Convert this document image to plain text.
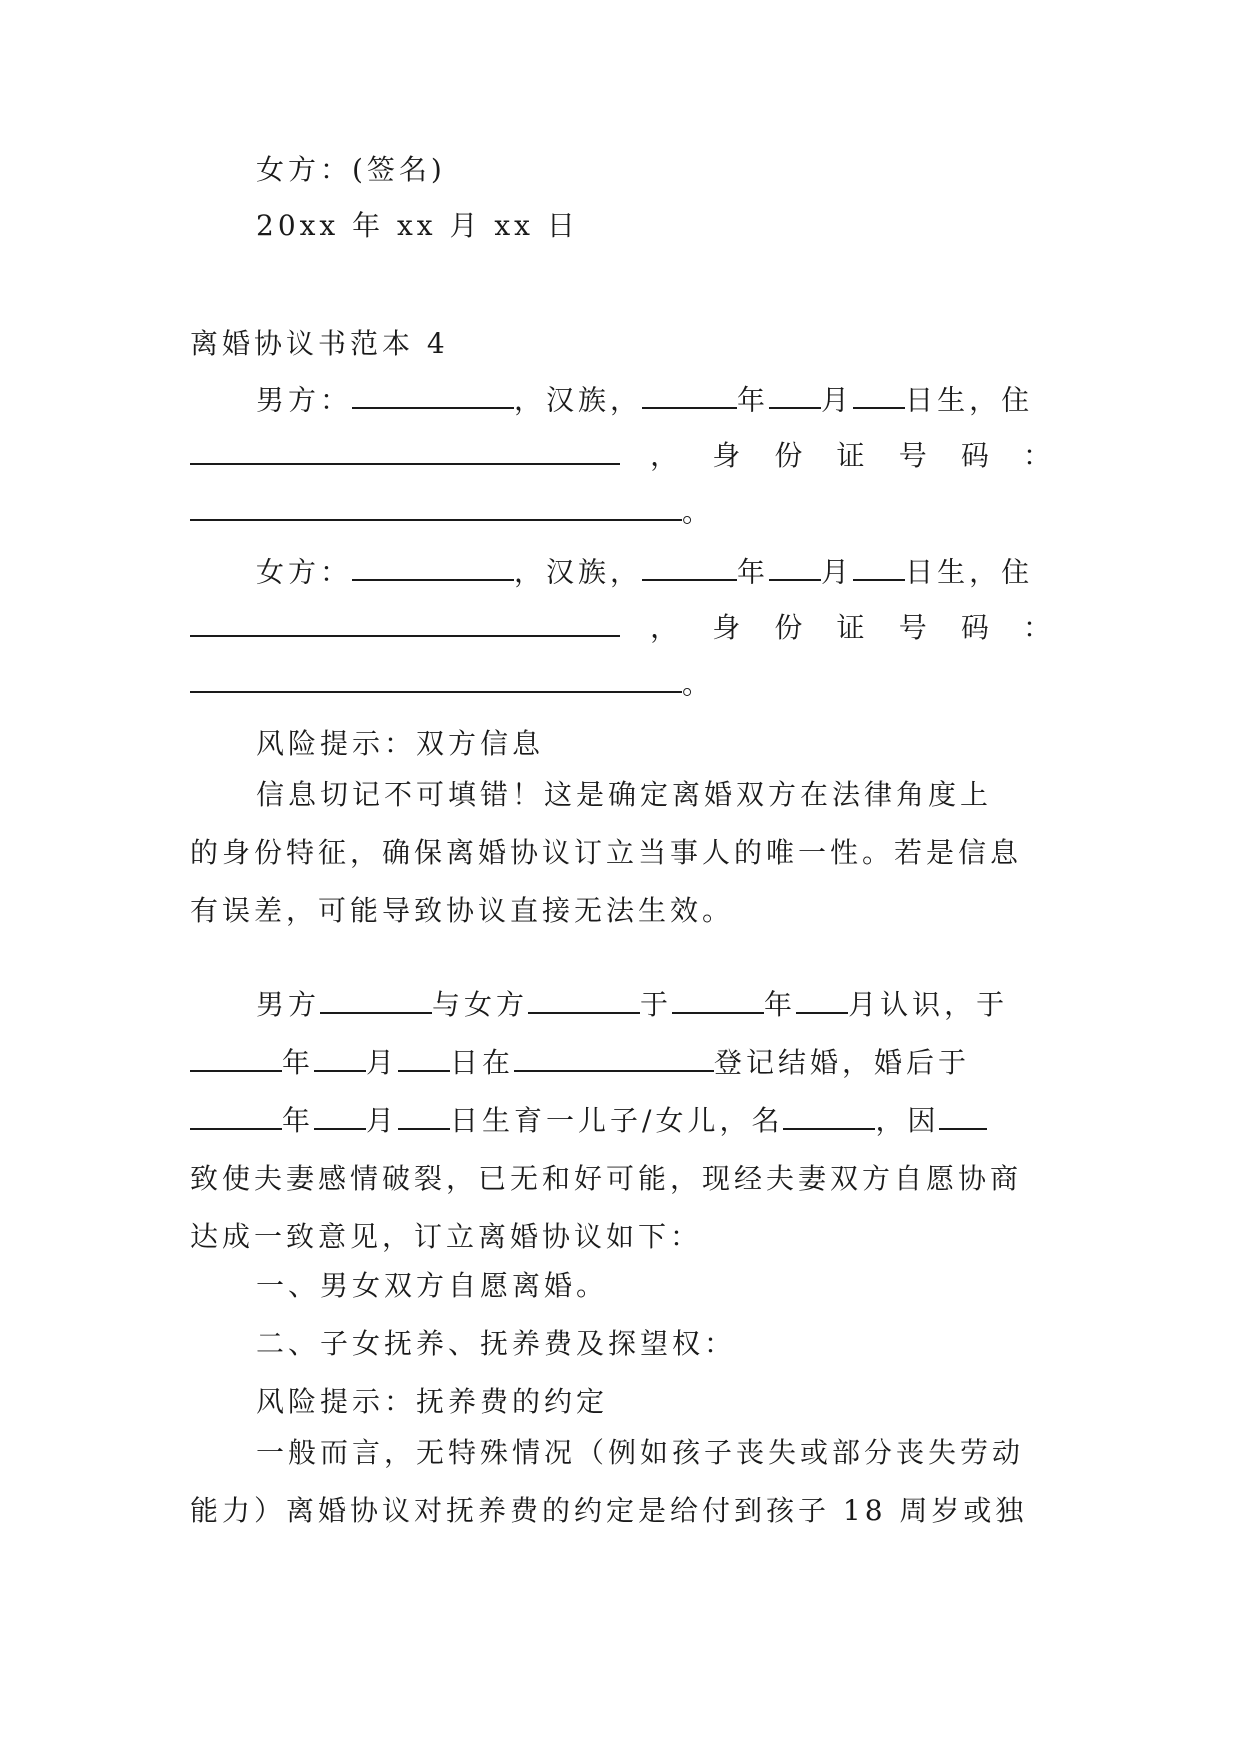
女方：(签名)

20xx 年 xx 月 xx 日

离婚协议书范本 4

男方：	，汉族，	年 月 日生，住
， 身 份 证 号 码 ：
。
女方：	，汉族，	年 月 日生，住
， 身 份 证 号 码 ：
。

风险提示：双方信息

信息切记不可填错！这是确定离婚双方在法律角度上
的身份特征，确保离婚协议订立当事人的唯一性。若是信息
有误差，可能导致协议直接无法生效。
男方	与女方	于	年 月认识，于
年 月 日在	登记结婚，婚后于
年 月 日生育一儿子/女儿，名	，因
致使夫妻感情破裂，已无和好可能，现经夫妻双方自愿协商
达成一致意见，订立离婚协议如下：

一、男女双方自愿离婚。

二、子女抚养、抚养费及探望权：

风险提示：抚养费的约定

一般而言，无特殊情况（例如孩子丧失或部分丧失劳动
能力）离婚协议对抚养费的约定是给付到孩子 18 周岁或独
